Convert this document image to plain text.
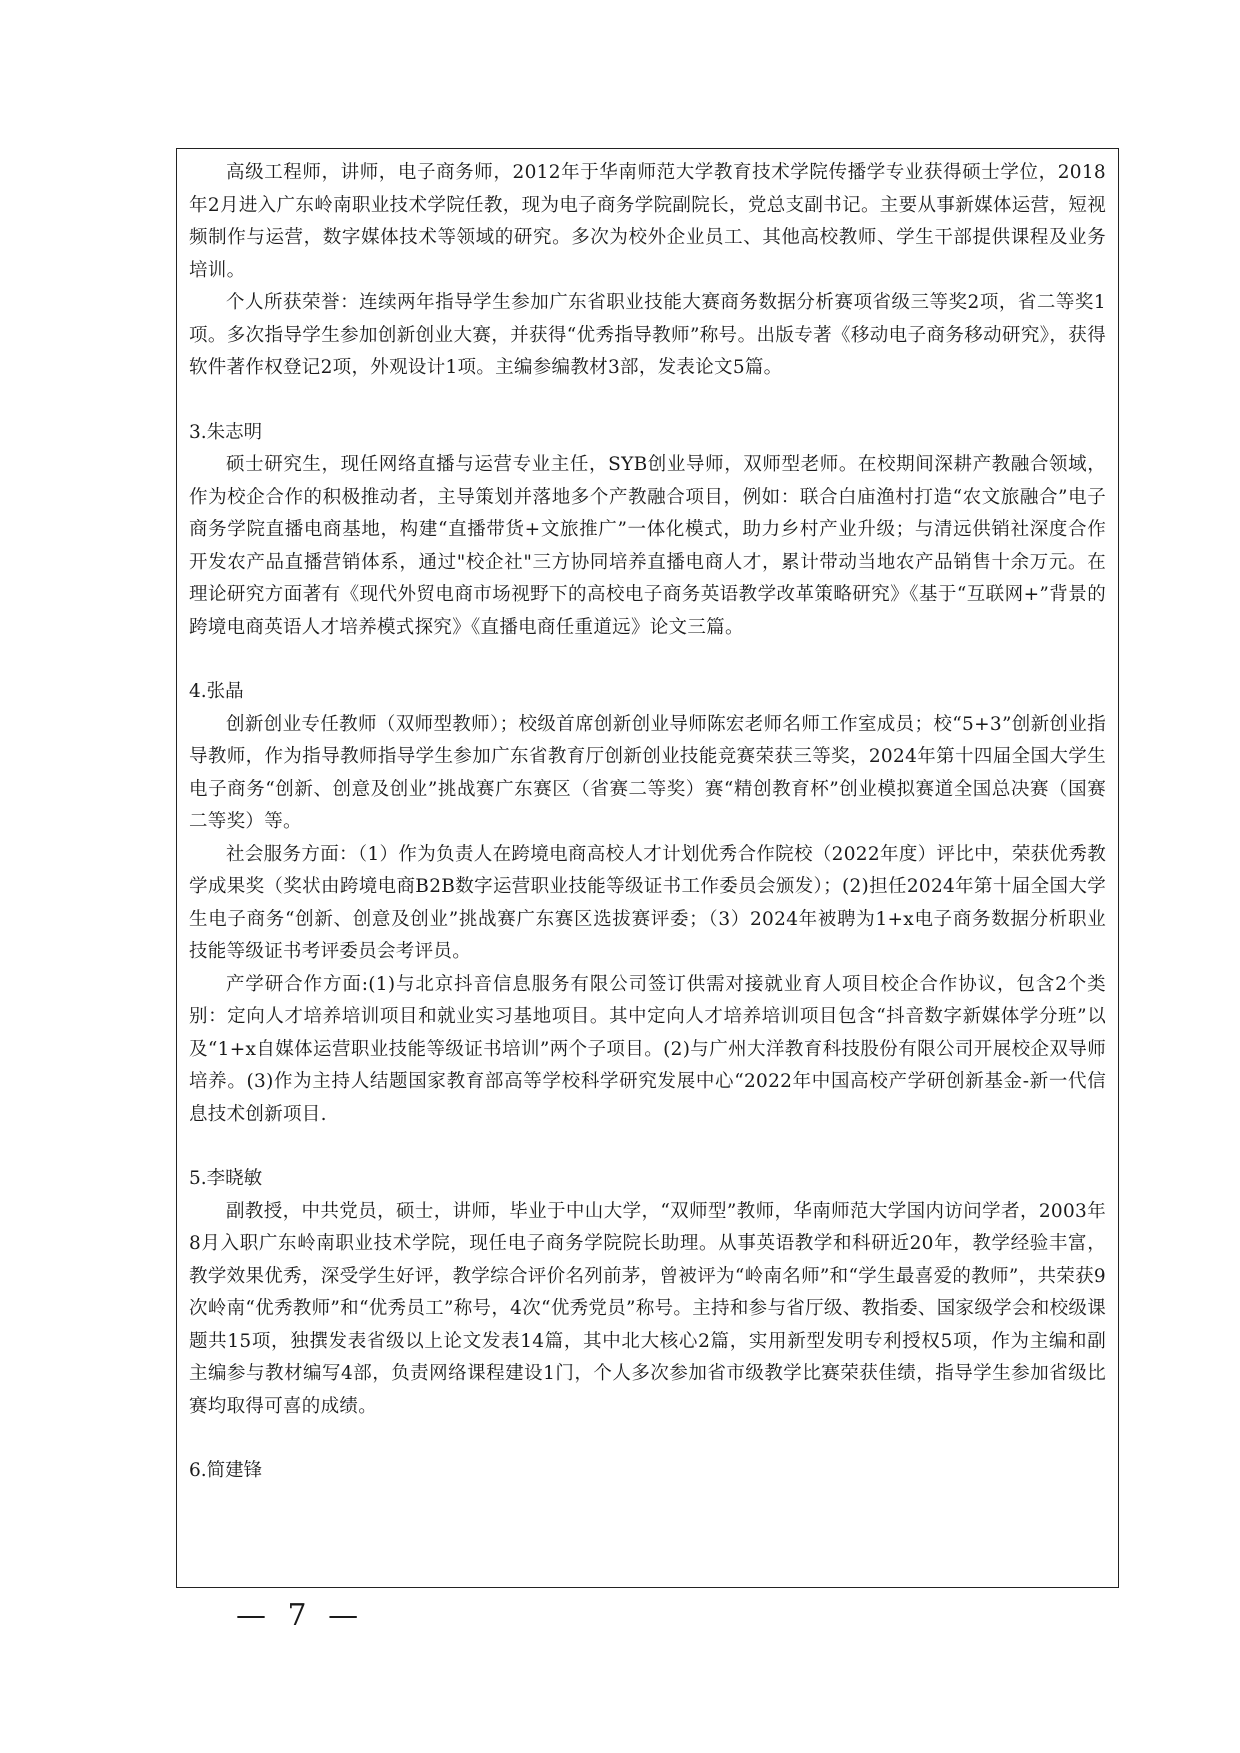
高级工程师，讲师，电子商务师，2012年于华南师范大学教育技术学院传播学专业获得硕士学位，2018年2月进入广东岭南职业技术学院任教，现为电子商务学院副院长，党总支副书记。主要从事新媒体运营，短视频制作与运营，数字媒体技术等领域的研究。多次为校外企业员工、其他高校教师、学生干部提供课程及业务培训。

个人所获荣誉：连续两年指导学生参加广东省职业技能大赛商务数据分析赛项省级三等奖2项，省二等奖1项。多次指导学生参加创新创业大赛，并获得“优秀指导教师”称号。出版专著《移动电子商务移动研究》，获得软件著作权登记2项，外观设计1项。主编参编教材3部，发表论文5篇。

3.朱志明

硕士研究生，现任网络直播与运营专业主任，SYB创业导师，双师型老师。在校期间深耕产教融合领域，作为校企合作的积极推动者，主导策划并落地多个产教融合项目，例如：联合白庙渔村打造“农文旅融合”电子商务学院直播电商基地，构建“直播带货+文旅推广”一体化模式，助力乡村产业升级；与清远供销社深度合作开发农产品直播营销体系，通过"校企社"三方协同培养直播电商人才，累计带动当地农产品销售十余万元。在理论研究方面著有《现代外贸电商市场视野下的高校电子商务英语教学改革策略研究》《基于“互联网+”背景的跨境电商英语人才培养模式探究》《直播电商任重道远》论文三篇。

4.张晶

创新创业专任教师（双师型教师）；校级首席创新创业导师陈宏老师名师工作室成员；校“5+3”创新创业指导教师，作为指导教师指导学生参加广东省教育厅创新创业技能竞赛荣获三等奖，2024年第十四届全国大学生电子商务“创新、创意及创业”挑战赛广东赛区（省赛二等奖）赛“精创教育杯”创业模拟赛道全国总决赛（国赛二等奖）等。

社会服务方面：（1）作为负责人在跨境电商高校人才计划优秀合作院校（2022年度）评比中，荣获优秀教学成果奖（奖状由跨境电商B2B数字运营职业技能等级证书工作委员会颁发）；(2)担任2024年第十届全国大学生电子商务“创新、创意及创业”挑战赛广东赛区选拔赛评委；（3）2024年被聘为1+x电子商务数据分析职业技能等级证书考评委员会考评员。

产学研合作方面:(1)与北京抖音信息服务有限公司签订供需对接就业育人项目校企合作协议，包含2个类别：定向人才培养培训项目和就业实习基地项目。其中定向人才培养培训项目包含“抖音数字新媒体学分班”以及“1+x自媒体运营职业技能等级证书培训”两个子项目。(2)与广州大洋教育科技股份有限公司开展校企双导师培养。(3)作为主持人结题国家教育部高等学校科学研究发展中心“2022年中国高校产学研创新基金-新一代信息技术创新项目.

5.李晓敏

副教授，中共党员，硕士，讲师，毕业于中山大学，“双师型”教师，华南师范大学国内访问学者，2003年8月入职广东岭南职业技术学院，现任电子商务学院院长助理。从事英语教学和科研近20年，教学经验丰富，教学效果优秀，深受学生好评，教学综合评价名列前茅，曾被评为“岭南名师”和“学生最喜爱的教师”，共荣获9次岭南“优秀教师”和“优秀员工”称号，4次“优秀党员”称号。主持和参与省厅级、教指委、国家级学会和校级课题共15项，独撰发表省级以上论文发表14篇，其中北大核心2篇，实用新型发明专利授权5项，作为主编和副主编参与教材编写4部，负责网络课程建设1门，个人多次参加省市级教学比赛荣获佳绩，指导学生参加省级比赛均取得可喜的成绩。

6.简建锋

— 7 —
